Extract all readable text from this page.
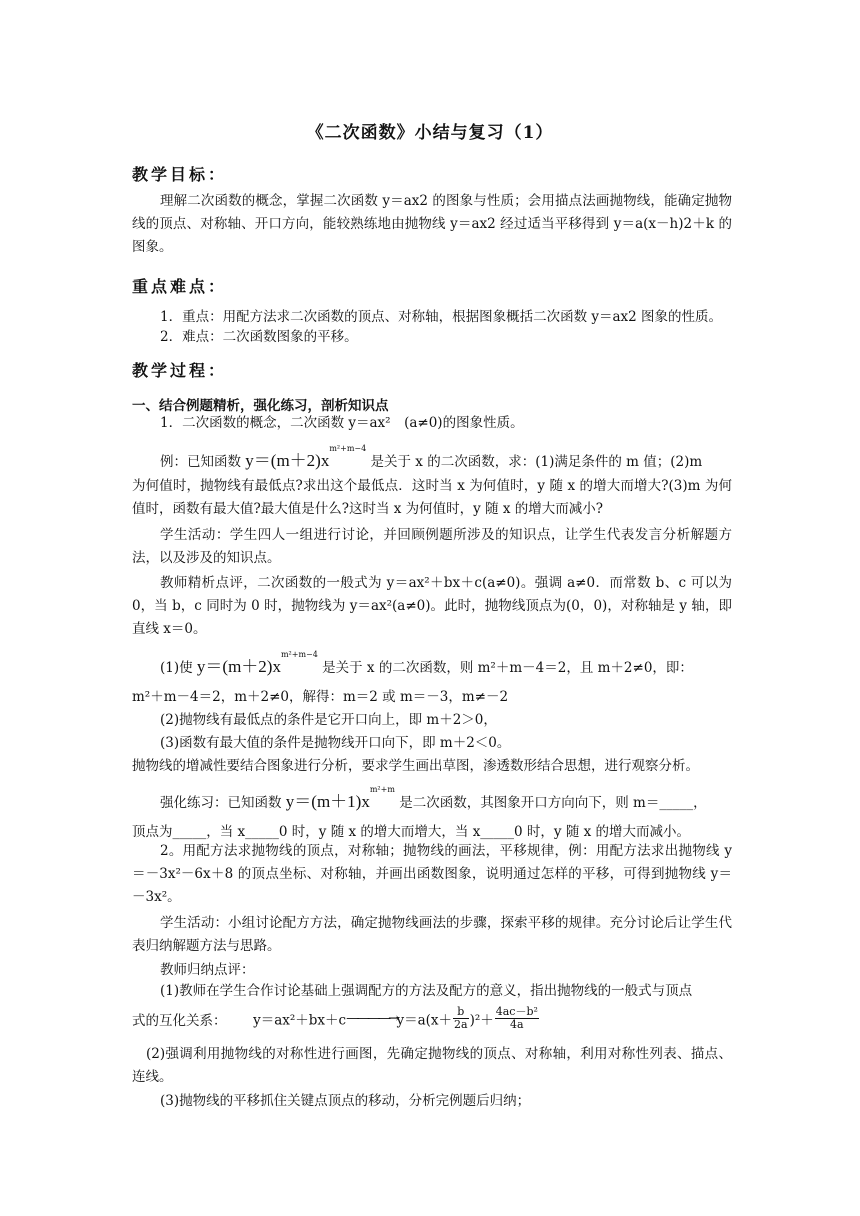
《二次函数》小结与复习（1）
教学目标：
理解二次函数的概念，掌握二次函数 y＝ax2 的图象与性质；会用描点法画抛物线，能确定抛物线的顶点、对称轴、开口方向，能较熟练地由抛物线 y＝ax2 经过适当平移得到 y＝a(x－h)2＋k 的图象。
重点难点：
1．重点：用配方法求二次函数的顶点、对称轴，根据图象概括二次函数 y＝ax2 图象的性质。
2．难点：二次函数图象的平移。
教学过程：
一、结合例题精析，强化练习，剖析知识点
1．二次函数的概念，二次函数 y＝ax²　(a≠0)的图象性质。
例：已知函数 $y=(m+2)x^{m^2+m-4}$ 是关于 x 的二次函数，求：(1)满足条件的 m 值；(2)m
为何值时，抛物线有最低点?求出这个最低点．这时当 x 为何值时，y 随 x 的增大而增大?(3)m 为何值时，函数有最大值?最大值是什么?这时当 x 为何值时，y 随 x 的增大而减小?
学生活动：学生四人一组进行讨论，并回顾例题所涉及的知识点，让学生代表发言分析解题方法，以及涉及的知识点。
教师精析点评，二次函数的一般式为 y＝ax²＋bx＋c(a≠0)。强调 a≠0．而常数 b、c 可以为 0，当 b，c 同时为 0 时，抛物线为 y＝ax²(a≠0)。此时，抛物线顶点为(0，0)，对称轴是 y 轴，即直线 x＝0。
(1)使 $y=(m+2)x^{m^2+m-4}$ 是关于 x 的二次函数，则 m²＋m－4＝2，且 m＋2≠0，即：
m²＋m－4＝2，m＋2≠0，解得：m＝2 或 m＝－3，m≠－2
(2)抛物线有最低点的条件是它开口向上，即 m＋2＞0，
(3)函数有最大值的条件是抛物线开口向下，即 m＋2＜0。
抛物线的增减性要结合图象进行分析，要求学生画出草图，渗透数形结合思想，进行观察分析。
强化练习：已知函数 $y=(m+1)x^{m^2+m}$ 是二次函数，其图象开口方向向下，则 m＝_____，
顶点为_____，当 x_____0 时，y 随 x 的增大而增大，当 x_____0 时，y 随 x 的增大而减小。
2。用配方法求抛物线的顶点，对称轴；抛物线的画法，平移规律，例：用配方法求出抛物线 y＝－3x²－6x＋8 的顶点坐标、对称轴，并画出函数图象，说明通过怎样的平移，可得到抛物线 y＝－3x²。
学生活动：小组讨论配方方法，确定抛物线画法的步骤，探索平移的规律。充分讨论后让学生代表归纳解题方法与思路。
教师归纳点评：
(1)教师在学生合作讨论基础上强调配方的方法及配方的意义，指出抛物线的一般式与顶点
式的互化关系： y＝ax²＋bx＋c————→y＝a(x＋ $\frac{b}{2a} )^2+ \frac{\text{4ac－b²}}{4a}$
(2)强调利用抛物线的对称性进行画图，先确定抛物线的顶点、对称轴，利用对称性列表、描点、连线。
(3)抛物线的平移抓住关键点顶点的移动，分析完例题后归纳；
